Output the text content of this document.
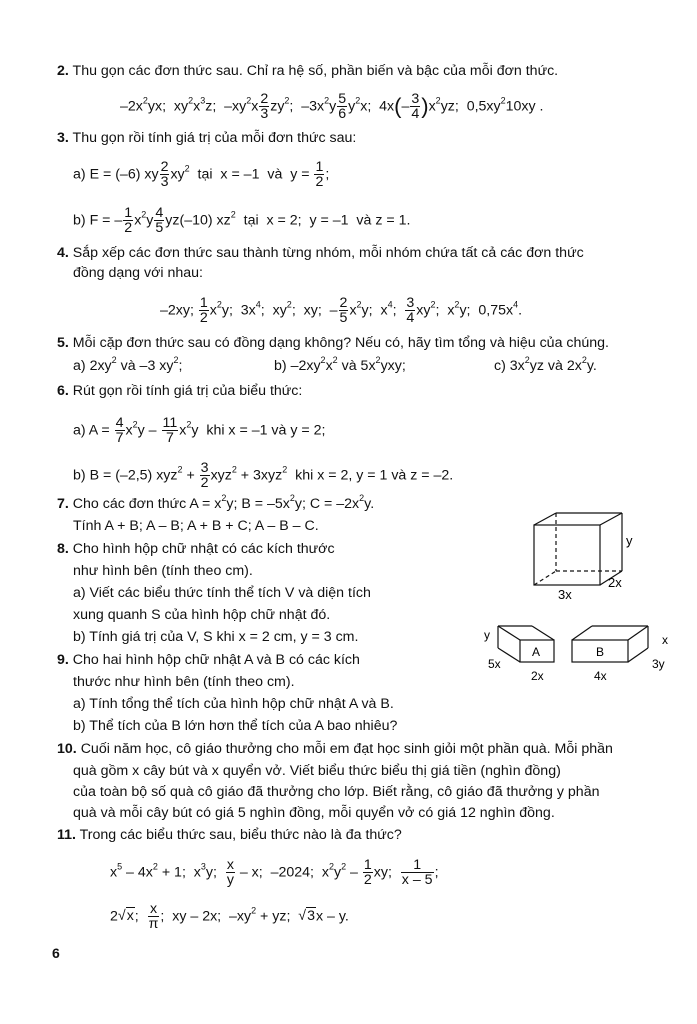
2. Thu gọn các đơn thức sau. Chỉ ra hệ số, phần biến và bậc của mỗi đơn thức.
$-2x^2yx$;  $xy^2x^3z$;  $-xy^2x \frac{2}{3} zy^2$;  $-3x^2y \frac{5}{6} y^2x$;  $4x(- \frac{3}{4} )x^2yz$;  $0,5xy^210xy$ .
3. Thu gọn rồi tính giá trị của mỗi đơn thức sau:
a) E = (–6) xy $\frac{2}{3} xy^2$ tại  x = –1  và  $y = \frac{1}{2}$ ;
b) F = – $\frac{1}{2} x^2y \frac{4}{5} yz(-10)$ $xz^2$ tại  x = 2;  y = –1  và z = 1.
4. Sắp xếp các đơn thức sau thành từng nhóm, mỗi nhóm chứa tất cả các đơn thức
đồng dạng với nhau:
–2xy; $\frac{1}{2} x^2y$;  $3x^4$;  $xy^2$;  xy;  – $\frac{2}{5} x^2y$;  $x^4$; $\frac{3}{4} xy^2$;  $x^2y$;  $0,75x^4$.
5. Mỗi cặp đơn thức sau có đồng dạng không? Nếu có, hãy tìm tổng và hiệu của chúng.
a) $2xy^2$ và –3 $xy^2$;	b) $-2xy^2x^2$ và $5x^2yxy$;	c) $3x^2yz$ và $2x^2y$.
6. Rút gọn rồi tính giá trị của biểu thức:
a) $A = \frac{4}{7} x^2y - \frac{11}{7} x^2y$  khi x = –1 và y = 2;
b) B = (–2,5) $xyz^2 + \frac{3}{2} xyz^2 + 3xyz^2$ khi x = 2, y = 1 và z = –2.
7. Cho các đơn thức $A = x^2y$; $B = -5x^2y$; $C = -2x^2y$.
Tính A + B; A – B; A + B + C; A – B – C.
8. Cho hình hộp chữ nhật có các kích thước
như hình bên (tính theo cm).
a) Viết các biểu thức tính thể tích V và diện tích
xung quanh S của hình hộp chữ nhật đó.
b) Tính giá trị của V, S khi x = 2 cm, y = 3 cm.
9. Cho hai hình hộp chữ nhật A và B có các kích
thước như hình bên (tính theo cm).
a) Tính tổng thể tích của hình hộp chữ nhật A và B.
b) Thể tích của B lớn hơn thể tích của A bao nhiêu?
y
2x
3x
A
y
5x
2x
B
x
3y
4x
10. Cuối năm học, cô giáo thưởng cho mỗi em đạt học sinh giỏi một phần quà. Mỗi phần
quà gồm x cây bút và x quyển vở. Viết biểu thức biểu thị giá tiền (nghìn đồng)
của toàn bộ số quà cô giáo đã thưởng cho lớp. Biết rằng, cô giáo đã thưởng y phần
quà và mỗi cây bút có giá 5 nghìn đồng, mỗi quyển vở có giá 12 nghìn đồng.
11. Trong các biểu thức sau, biểu thức nào là đa thức?
$x^5 - 4x^2 + 1$;  $x^3y$; $\frac{x}{y}$ – x;  –2024;  $x^2y^2 - \frac{1}{2}$ xy; $\frac{1}{x - 5}$ ;
2√x; $\frac{x}{\pi}$ ;  xy – 2x;  $-xy^2$ + yz;  √3x – y.
6
